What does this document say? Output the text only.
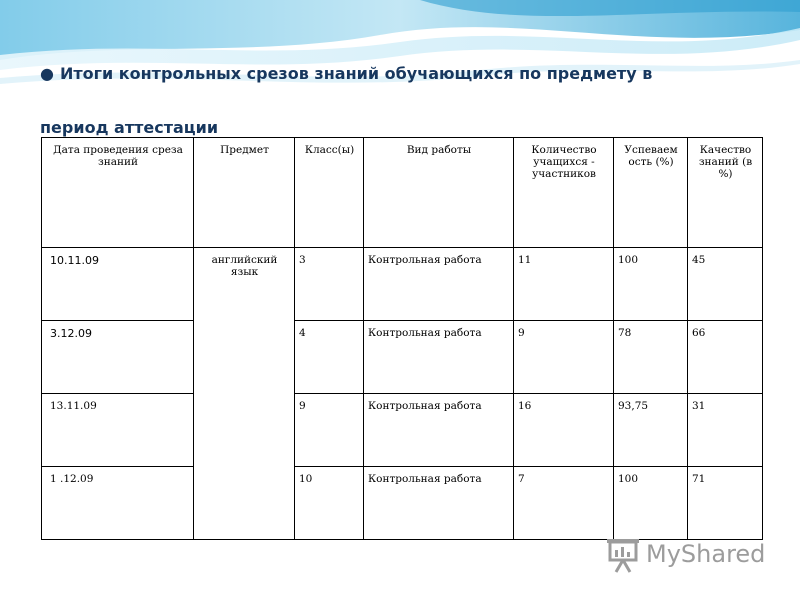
● Итоги контрольных срезов знаний обучающихся по предмету в
период аттестации
Дата проведения среза знаний	Предмет	Класс(ы)	Вид работы	Количество учащихся - участников	Успеваем ость (%)	Качество знаний (в %)
10.11.09	английский язык	3	Контрольная работа	11	100	45
3.12.09		4	Контрольная работа	9	78	66
13.11.09		9	Контрольная работа	16	93,75	31
1 .12.09		10	Контрольная работа	7	100	71
MyShared
